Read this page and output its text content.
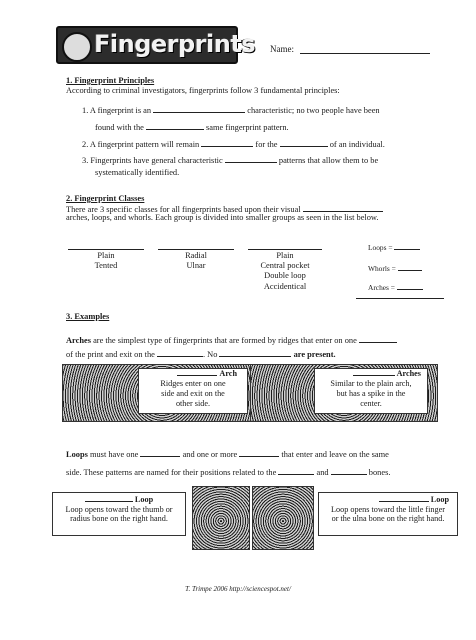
Fingerprints Name:
1. Fingerprint Principles
According to criminal investigators, fingerprints follow 3 fundamental principles:
1. A fingerprint is an	characteristic; no two people have been
found with the	same fingerprint pattern.
2. A fingerprint pattern will remain	for the	of an individual.
3. Fingerprints have general characteristic	patterns that allow them to be
systematically identified.
2. Fingerprint Classes
There are 3 specific classes for all fingerprints based upon their visual
arches, loops, and whorls. Each group is divided into smaller groups as seen in the list below.
Plain
Tented
Radial
Ulnar
Plain
Central pocket
Double loop
Accidentical
Loops =
Whorls =
Arches =
3. Examples
Arches are the simplest type of fingerprints that are formed by ridges that enter on one
of the print and exit on the	. No	are present.
Arch
Ridges enter on one
side and exit on the
other side.
Arches
Similar to the plain arch,
but has a spike in the
center.
Loops must have one	and one or more	that enter and leave on the same
side. These patterns are named for their positions related to the	and	bones.
Loop
Loop opens toward the thumb or
radius bone on the right hand.
Loop
Loop opens toward the little finger
or the ulna bone on the right hand.
T. Trimpe 2006 http://sciencespot.net/
